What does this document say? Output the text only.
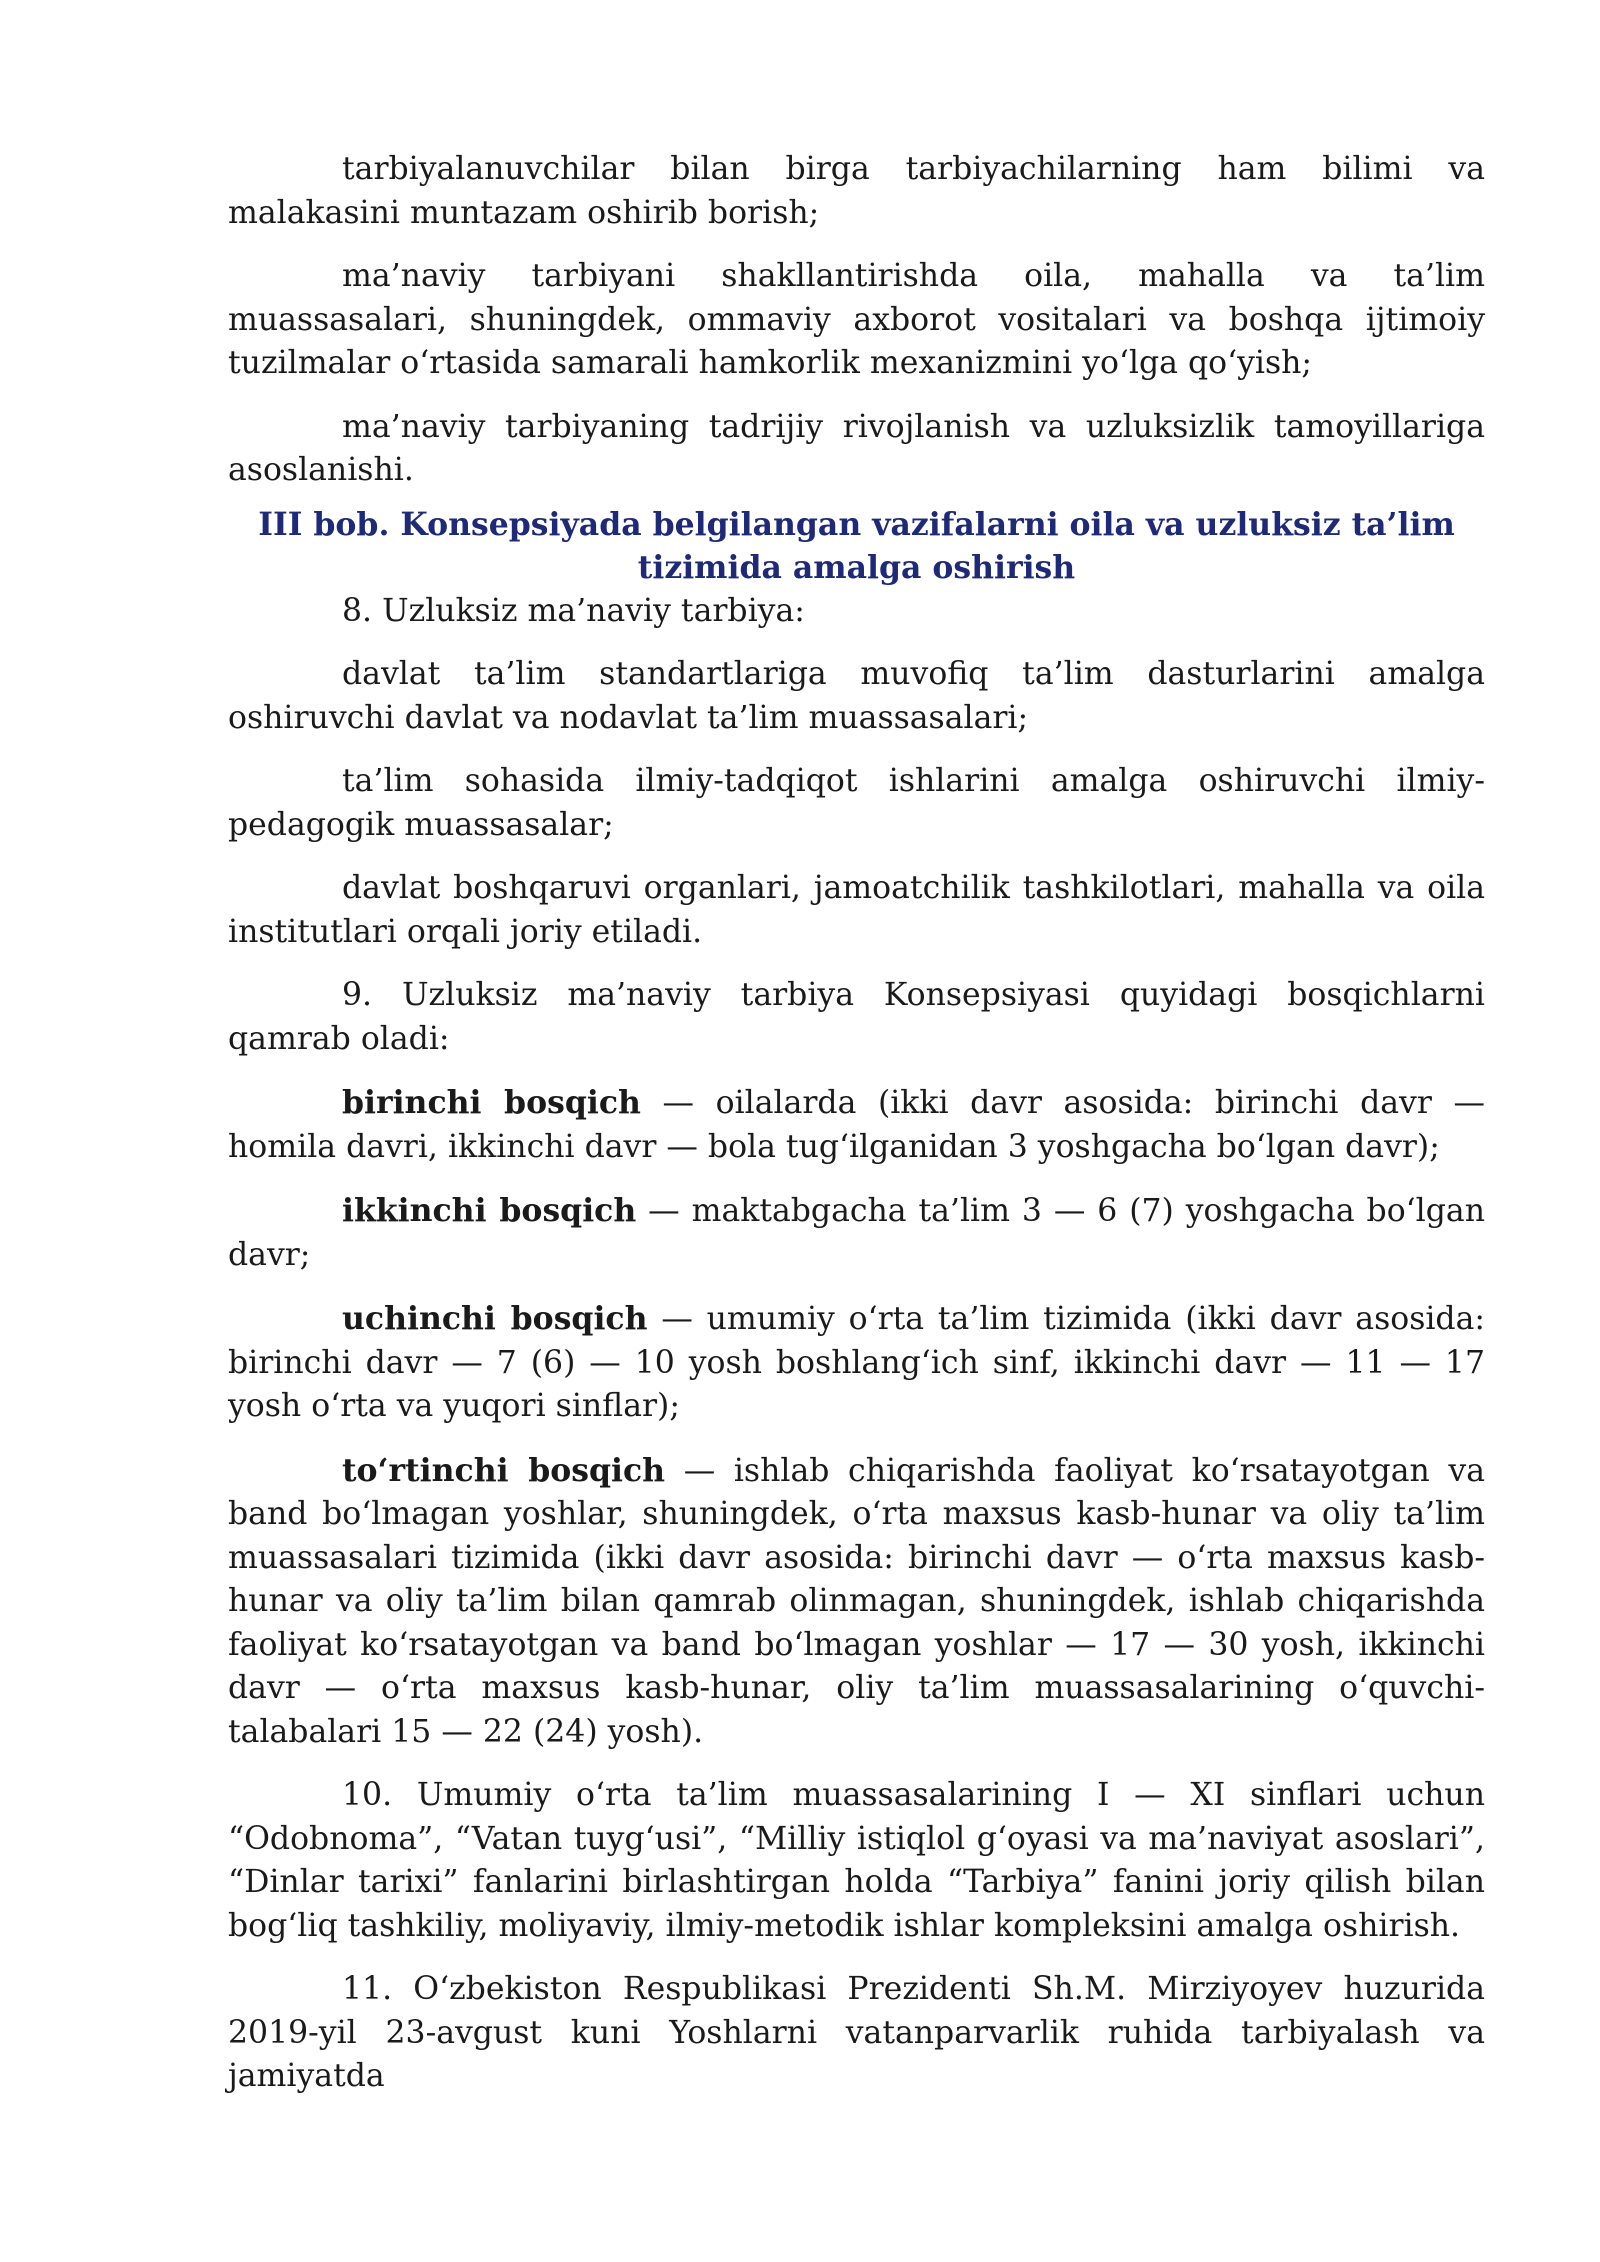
tarbiyalanuvchilar bilan birga tarbiyachilarning ham bilimi va malakasini muntazam oshirib borish;

ma’naviy tarbiyani shakllantirishda oila, mahalla va ta’lim muassasalari, shuningdek, ommaviy axborot vositalari va boshqa ijtimoiy tuzilmalar o‘rtasida samarali hamkorlik mexanizmini yo‘lga qo‘yish;

ma’naviy tarbiyaning tadrijiy rivojlanish va uzluksizlik tamoyillariga asoslanishi.

III bob. Konsepsiyada belgilangan vazifalarni oila va uzluksiz ta’lim tizimida amalga oshirish

8. Uzluksiz ma’naviy tarbiya:

davlat ta’lim standartlariga muvofiq ta’lim dasturlarini amalga oshiruvchi davlat va nodavlat ta’lim muassasalari;

ta’lim sohasida ilmiy-tadqiqot ishlarini amalga oshiruvchi ilmiy-pedagogik muassasalar;

davlat boshqaruvi organlari, jamoatchilik tashkilotlari, mahalla va oila institutlari orqali joriy etiladi.

9. Uzluksiz ma’naviy tarbiya Konsepsiyasi quyidagi bosqichlarni qamrab oladi:

birinchi bosqich — oilalarda (ikki davr asosida: birinchi davr — homila davri, ikkinchi davr — bola tug‘ilganidan 3 yoshgacha bo‘lgan davr);

ikkinchi bosqich — maktabgacha ta’lim 3 — 6 (7) yoshgacha bo‘lgan davr;

uchinchi bosqich — umumiy o‘rta ta’lim tizimida (ikki davr asosida: birinchi davr — 7 (6) — 10 yosh boshlang‘ich sinf, ikkinchi davr — 11 — 17 yosh o‘rta va yuqori sinflar);

to‘rtinchi bosqich — ishlab chiqarishda faoliyat ko‘rsatayotgan va band bo‘lmagan yoshlar, shuningdek, o‘rta maxsus kasb-hunar va oliy ta’lim muassasalari tizimida (ikki davr asosida: birinchi davr — o‘rta maxsus kasb-hunar va oliy ta’lim bilan qamrab olinmagan, shuningdek, ishlab chiqarishda faoliyat ko‘rsatayotgan va band bo‘lmagan yoshlar — 17 — 30 yosh, ikkinchi davr — o‘rta maxsus kasb-hunar, oliy ta’lim muassasalarining o‘quvchi-talabalari 15 — 22 (24) yosh).

10. Umumiy o‘rta ta’lim muassasalarining I — XI sinflari uchun “Odobnoma”, “Vatan tuyg‘usi”, “Milliy istiqlol g‘oyasi va ma’naviyat asoslari”, “Dinlar tarixi” fanlarini birlashtirgan holda “Tarbiya” fanini joriy qilish bilan bog‘liq tashkiliy, moliyaviy, ilmiy-metodik ishlar kompleksini amalga oshirish.

11. O‘zbekiston Respublikasi Prezidenti Sh.M. Mirziyoyev huzurida 2019-yil 23-avgust kuni Yoshlarni vatanparvarlik ruhida tarbiyalash va jamiyatda
